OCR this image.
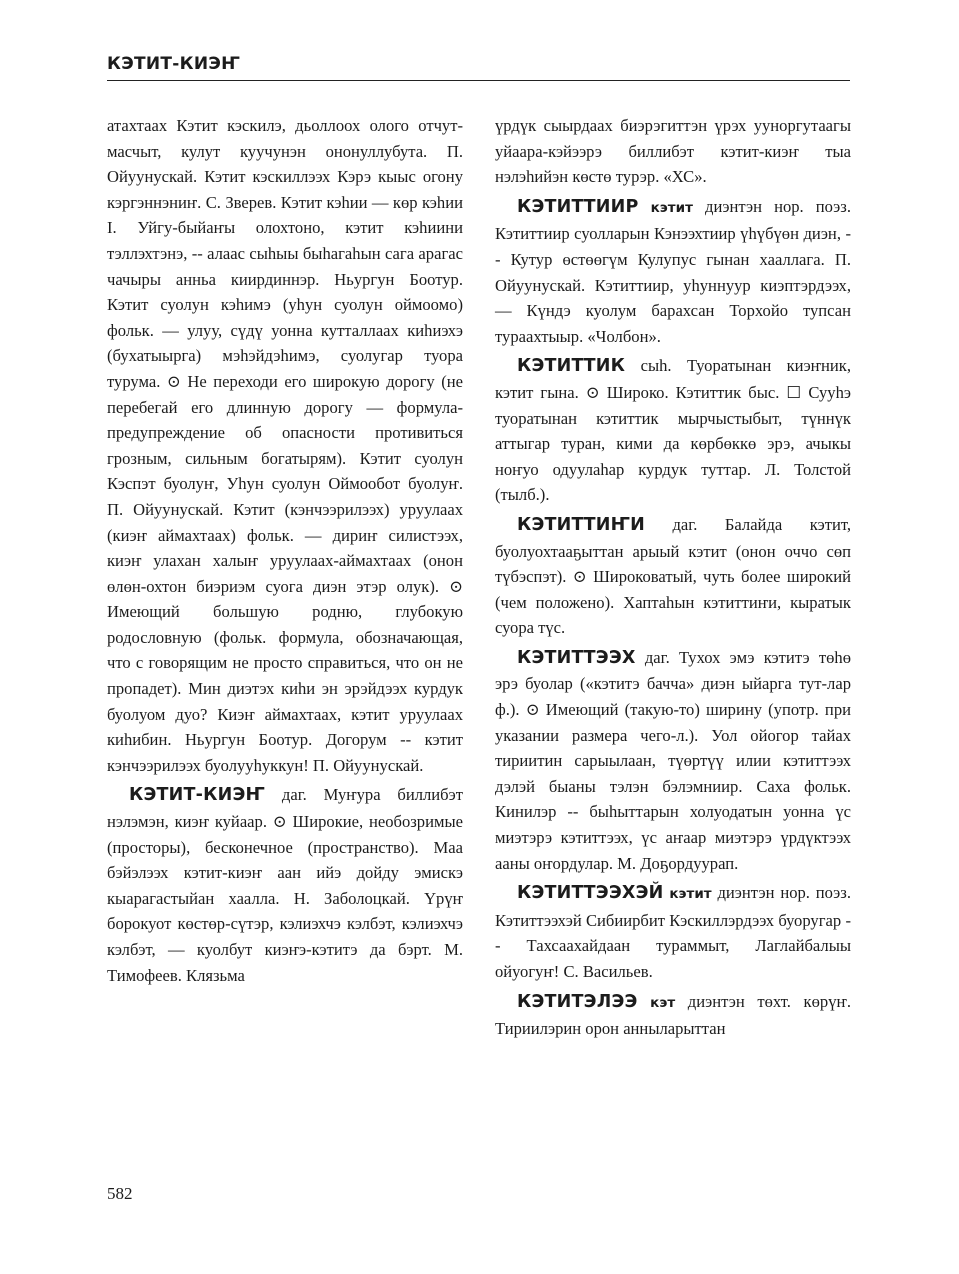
КЭТИТ-КИЭҤ

атахтаах Кэтит кэскилэ, дьоллоох олого отчут-масчыт, кулут куучунэн ононуллубута. П. Ойуунускай. Кэтит кэскиллээх Кэрэ кыыс огону кэргэннэниҥ. С. Зверев. Кэтит кэһии — көр кэһии I. Уйгу-быйаҥы олохтоно, кэтит кэһиини тэллэхтэнэ, -- алаас сыһыы быһагаһын сага арагас чачыры анньа киирдиннэр. Ньургун Боотур. Кэтит суолун кэһимэ (уһун суолун оймоомо) фольк. — улуу, сүдү уонна кутталлаах киһиэхэ (бухатыырга) мэһэйдэһимэ, суолугар туора турума. ⊙ Не переходи его широкую дорогу (не перебегай его длинную дорогу — формула-предупреждение об опасности противиться грозным, сильным богатырям). Кэтит суолун Кэспэт буолуҥ, Уһун суолун Оймообот буолуҥ. П. Ойуунускай. Кэтит (кэнчээрилээх) уруулаах (киэҥ аймахтаах) фольк. — дириҥ силистээх, киэҥ улахан халыҥ уруулаах-аймахтаах (онон өлөн-охтон биэриэм суога диэн этэр олук). ⊙ Имеющий большую родню, глубокую родословную (фольк. формула, обозначающая, что с говорящим не просто справиться, что он не пропадет). Мин диэтэх киһи эн эрэйдээх курдук буолуом дуо? Киэҥ аймахтаах, кэтит уруулаах киһибин. Ньургун Боотур. Догорум -- кэтит кэнчээрилээх буолууһуккун! П. Ойуунускай.

КЭТИТ-КИЭҤ даг. Муҥура биллибэт нэлэмэн, киэҥ куйаар. ⊙ Широкие, необозримые (просторы), бесконечное (пространство). Маа бэйэлээх кэтит-киэҥ аан ийэ дойду эмискэ кыарагастыйан хаалла. Н. Заболоцкай. Үрүҥ борокуот көстөр-сүтэр, кэлиэхчэ кэлбэт, кэлиэхчэ кэлбэт, — куолбут киэҥэ-кэтитэ да бэрт. М. Тимофеев. Клязьма

үрдүк сыырдаах биэрэгиттэн үрэх ууноргутаагы уйаара-кэйээрэ биллибэт кэтит-киэҥ тыа нэлэһийэн көстө турэр. «ХС».

КЭТИТТИИР кэтит диэнтэн нор. поэз. Кэтиттиир суолларын Кэнээхтиир үһүбүөн диэн, -- Кутур өстөөгүм Кулупус гынан хааллага. П. Ойуунускай. Кэтиттиир, уһуннуур киэптэрдээх, — Күндэ куолум барахсан Торхойо тупсан тураахтыыр. «Чолбон».

КЭТИТТИК сыһ. Туоратынан киэҥник, кэтит гына. ⊙ Широко. Кэтиттик быс. ☐ Сууһэ туоратынан кэтиттик мырчыстыбыт, түннүк аттыгар туран, кими да көрбөккө эрэ, ачыкы ноҥуо одуулаһар курдук туттар. Л. Толстой (тылб.).

КЭТИТТИҤИ даг. Балайда кэтит, буолуохтааҕыттан арыый кэтит (онон оччо сөп түбэспэт). ⊙ Широковатый, чуть более широкий (чем положено). Хаптаһын кэтиттиҥи, кыратык суора түс.

КЭТИТТЭЭХ даг. Тухох эмэ кэтитэ төһө эрэ буолар («кэтитэ баччa» диэн ыйарга тут-лар ф.). ⊙ Имеющий (такую-то) ширину (употр. при указании размера чего-л.). Уол ойогор тайах тириитин сарыылаан, түөртүү илии кэтиттээх дэлэй быаны тэлэн бэлэмниир. Саха фольк. Кинилэр -- быһыттарын холуодатын уонна үс миэтэрэ кэтиттээх, үс аҥаар миэтэрэ үрдүктээх ааны оҥордулар. М. Доҕордуурап.

КЭТИТТЭЭХЭЙ кэтит диэнтэн нор. поэз. Кэтиттээхэй Сибиирбит Кэскиллэрдээх буоругар -- Тахсаахайдаан тураммыт, Лаглайбалыы ойуогуҥ! С. Васильев.

КЭТИТЭЛЭЭ кэт диэнтэн төхт. көрүҥ. Тириилэрин орон анныларыттан

582
